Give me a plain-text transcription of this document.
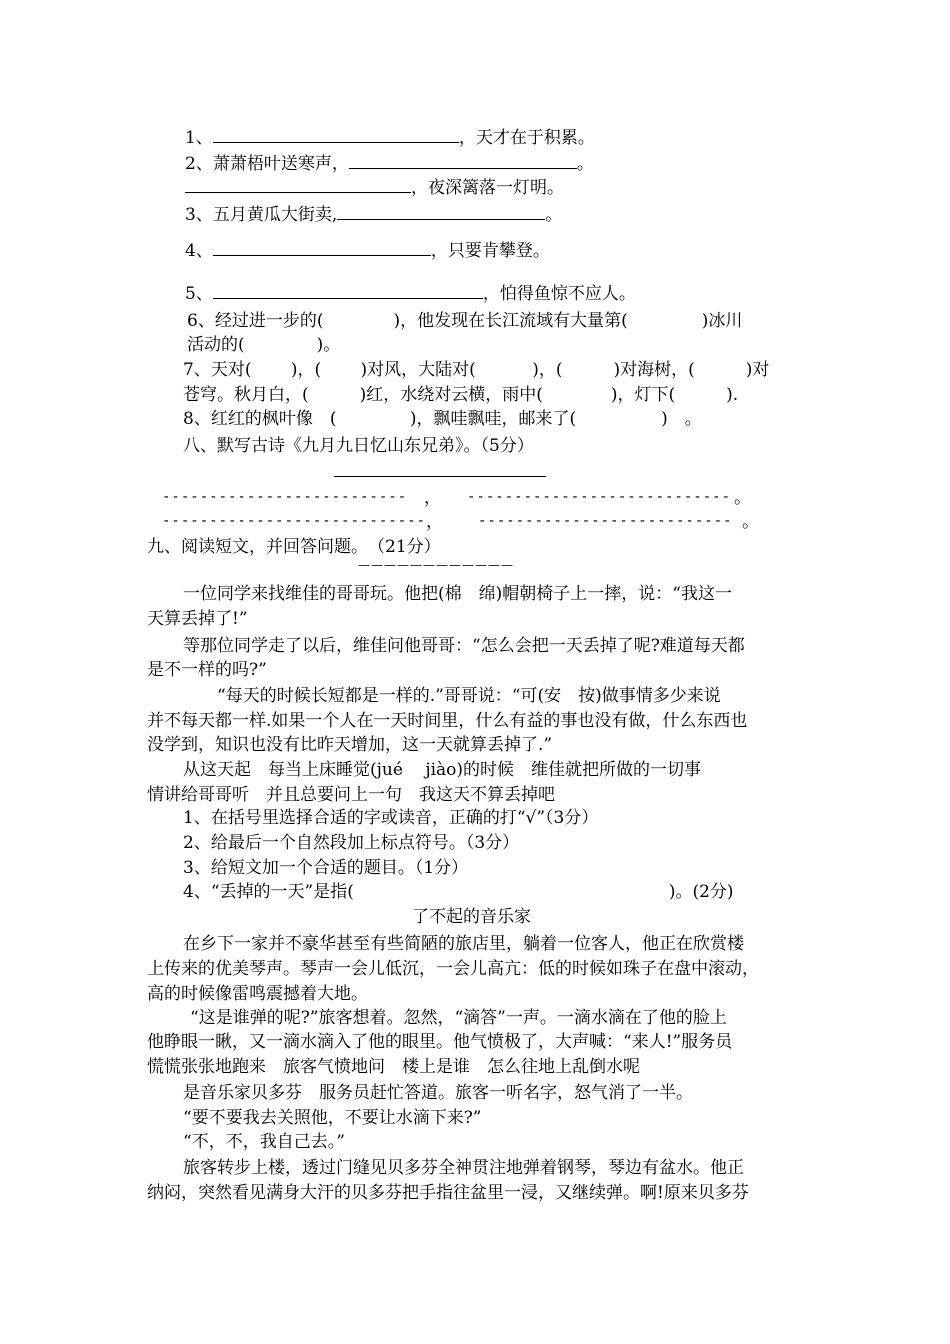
1、	，天才在于积累。
2、萧萧梧叶送寒声，	。
，夜深篱落一灯明。
3、五月黄瓜大街卖,	。
4、	，只要肯攀登。
5、	，怕得鱼惊不应人。
6、经过进一步的(	)，他发现在长江流域有大量第(	)冰川
活动的(	)。
7、天对(　　 )，(　　 )对风，大陆对(　　 　)，(　　　)对海树，(　　　)对
苍穹。秋月白，(　　　)红，水绕对云横，雨中(　　　　)，灯下(　　　).
8、红红的枫叶像　(　　　　 )，飘哇飘哇，邮来了(　　　　　)　。
八、默写古诗《九月九日忆山东兄弟》。（5分）
-------------------------- ， ---------------------------- 。
---------------------------- ，	--------------------------- 。
九、阅读短文，并回答问题。　（21分）
————————————
一位同学来找维佳的哥哥玩。他把(棉　绵)帽朝椅子上一摔，说：“我这一
天算丢掉了!”
等那位同学走了以后，维佳问他哥哥：“怎么会把一天丢掉了呢?难道每天都
是不一样的吗?”
“每天的时候长短都是一样的.”哥哥说：“可(安　按)做事情多少来说
并不每天都一样.如果一个人在一天时间里，什么有益的事也没有做，什么东西也
没学到，知识也没有比昨天增加，这一天就算丢掉了.”
从这天起　每当上床睡觉(jué　 jiào)的时候　维佳就把所做的一切事
情讲给哥哥听　并且总要问上一句　我这天不算丢掉吧
1、在括号里选择合适的字或读音，正确的打“√”（3分）
2、给最后一个自然段加上标点符号。（3分）
3、给短文加一个合适的题目。（1分）
4、“丢掉的一天”是指(	)。(2分)
了不起的音乐家
在乡下一家并不豪华甚至有些简陋的旅店里，躺着一位客人，他正在欣赏楼
上传来的优美琴声。琴声一会儿低沉，一会儿高亢：低的时候如珠子在盘中滚动，
高的时候像雷鸣震撼着大地。
“这是谁弹的呢?”旅客想着。忽然，“滴答”一声。一滴水滴在了他的脸上
他睁眼一瞅，又一滴水滴入了他的眼里。他气愤极了，大声喊：“来人!”服务员
慌慌张张地跑来　旅客气愤地问　楼上是谁　怎么往地上乱倒水呢
是音乐家贝多芬　服务员赶忙答道。旅客一听名字，怒气消了一半。
“要不要我去关照他，不要让水滴下来?”
“不，不，我自己去。”
旅客转步上楼，透过门缝见贝多芬全神贯注地弹着钢琴，琴边有盆水。他正
纳闷，突然看见满身大汗的贝多芬把手指往盆里一浸，又继续弹。啊!原来贝多芬
